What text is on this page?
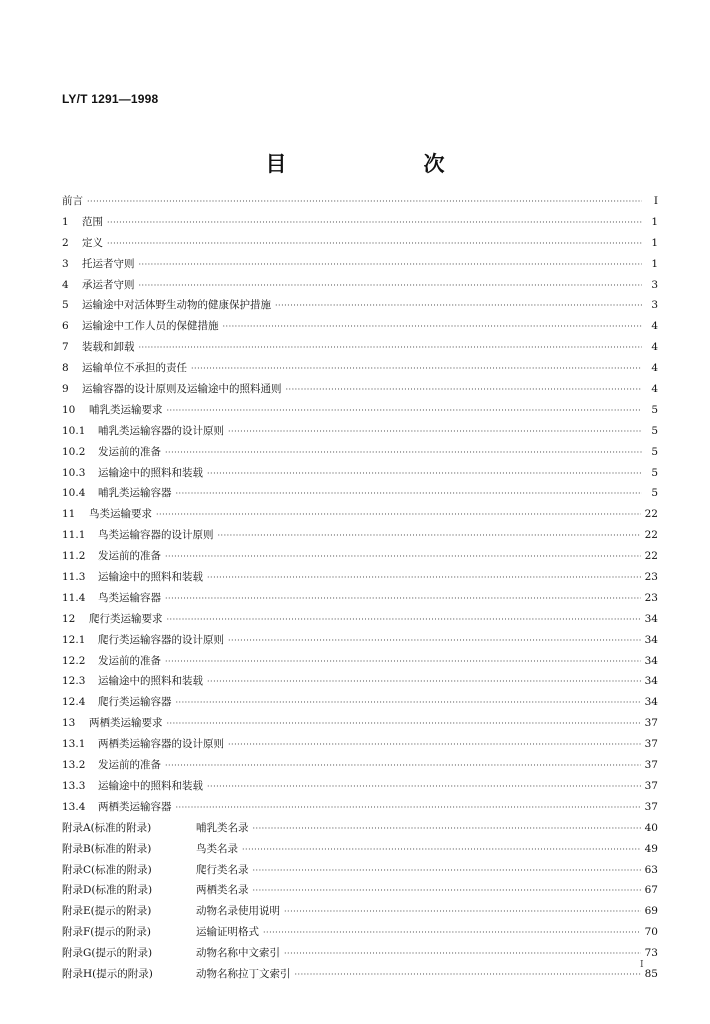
LY/T 1291—1998
目　次
前言 ·····	Ⅰ
1	范围 ·····	1
2	定义 ·····	1
3	托运者守则 ·····	1
4	承运者守则 ·····	3
5	运输途中对活体野生动物的健康保护措施 ·····	3
6	运输途中工作人员的保健措施 ·····	4
7	装载和卸载 ·····	4
8	运输单位不承担的责任 ·····	4
9	运输容器的设计原则及运输途中的照料通则 ·····	4
10	哺乳类运输要求 ·····	5
10.1	哺乳类运输容器的设计原则 ·····	5
10.2	发运前的准备 ·····	5
10.3	运输途中的照料和装载 ·····	5
10.4	哺乳类运输容器 ·····	5
11	鸟类运输要求 ·····	22
11.1	鸟类运输容器的设计原则 ·····	22
11.2	发运前的准备 ·····	22
11.3	运输途中的照料和装载 ·····	23
11.4	鸟类运输容器 ·····	23
12	爬行类运输要求 ·····	34
12.1	爬行类运输容器的设计原则 ·····	34
12.2	发运前的准备 ·····	34
12.3	运输途中的照料和装载 ·····	34
12.4	爬行类运输容器 ·····	34
13	两栖类运输要求 ·····	37
13.1	两栖类运输容器的设计原则 ·····	37
13.2	发运前的准备 ·····	37
13.3	运输途中的照料和装载 ·····	37
13.4	两栖类运输容器 ·····	37
附录A(标准的附录)	哺乳类名录 ·····	40
附录B(标准的附录)	鸟类名录 ·····	49
附录C(标准的附录)	爬行类名录 ·····	63
附录D(标准的附录)	两栖类名录 ·····	67
附录E(提示的附录)	动物名录使用说明 ·····	69
附录F(提示的附录)	运输证明格式 ·····	70
附录G(提示的附录)	动物名称中文索引 ·····	73
附录H(提示的附录)	动物名称拉丁文索引 ·····	85
I
